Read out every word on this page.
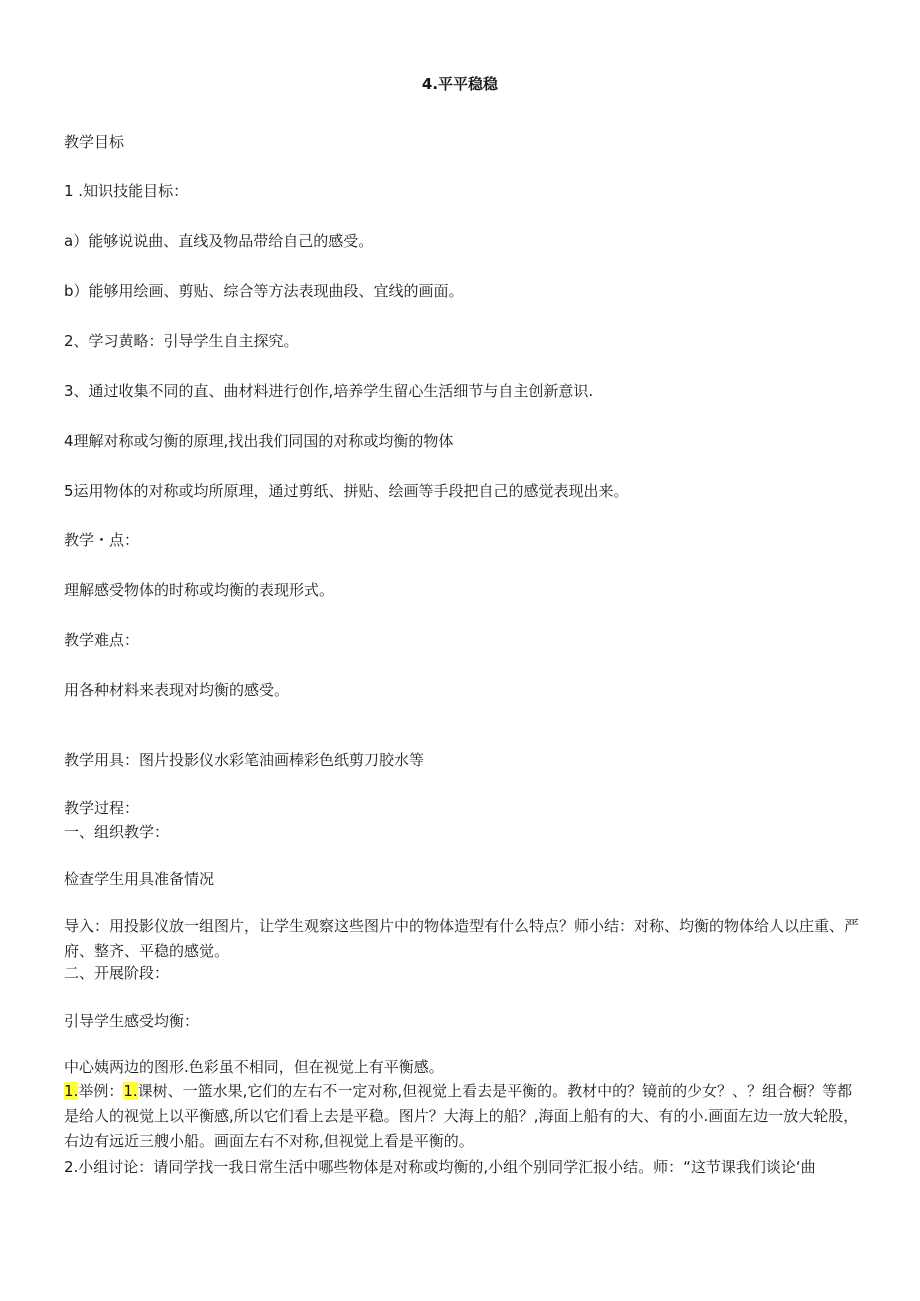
4.平平稳稳
教学目标
1 .知识技能目标：
a）能够说说曲、直线及物品带给自己的感受。
b）能够用绘画、剪贴、综合等方法表现曲段、宜线的画面。
2、学习黄略：引导学生自主探究。
3、通过收集不同的直、曲材料进行创作,培养学生留心生活细节与自主创新意识.
4理解对称或匀衡的原理,找出我们同国的对称或均衡的物体
5运用物体的对称或均所原理，通过剪纸、拼贴、绘画等手段把自己的感觉表现出来。
教学・点：
理解感受物体的时称或均衡的表现形式。
教学难点：
用各种材料来表现对均衡的感受。
教学用具：图片投影仪水彩笔油画棒彩色纸剪刀胶水等
教学过程：
一、组织教学：
检查学生用具准备情况
导入：用投影仪放一组图片，让学生观察这些图片中的物体造型有什么特点？师小结：对称、均衡的物体给人以庄重、严府、整齐、平稳的感觉。
二、开展阶段：
引导学生感受均衡：
中心姨两边的图形.色彩虽不相同，但在视觉上有平衡感。
1.举例：1.课树、一篮水果,它们的左右不一定对称,但视觉上看去是平衡的。教材中的？镜前的少女？、？组合橱？等都是给人的视觉上以平衡感,所以它们看上去是平稳。图片？大海上的船？,海面上船有的大、有的小.画面左边一放大轮股，右边有远近三艘小船。画面左右不对称,但视觉上看是平衡的。
2.小组讨论：请同学找一我日常生活中哪些物体是对称或均衡的,小组个别同学汇报小结。师：“这节课我们谈论‘曲
